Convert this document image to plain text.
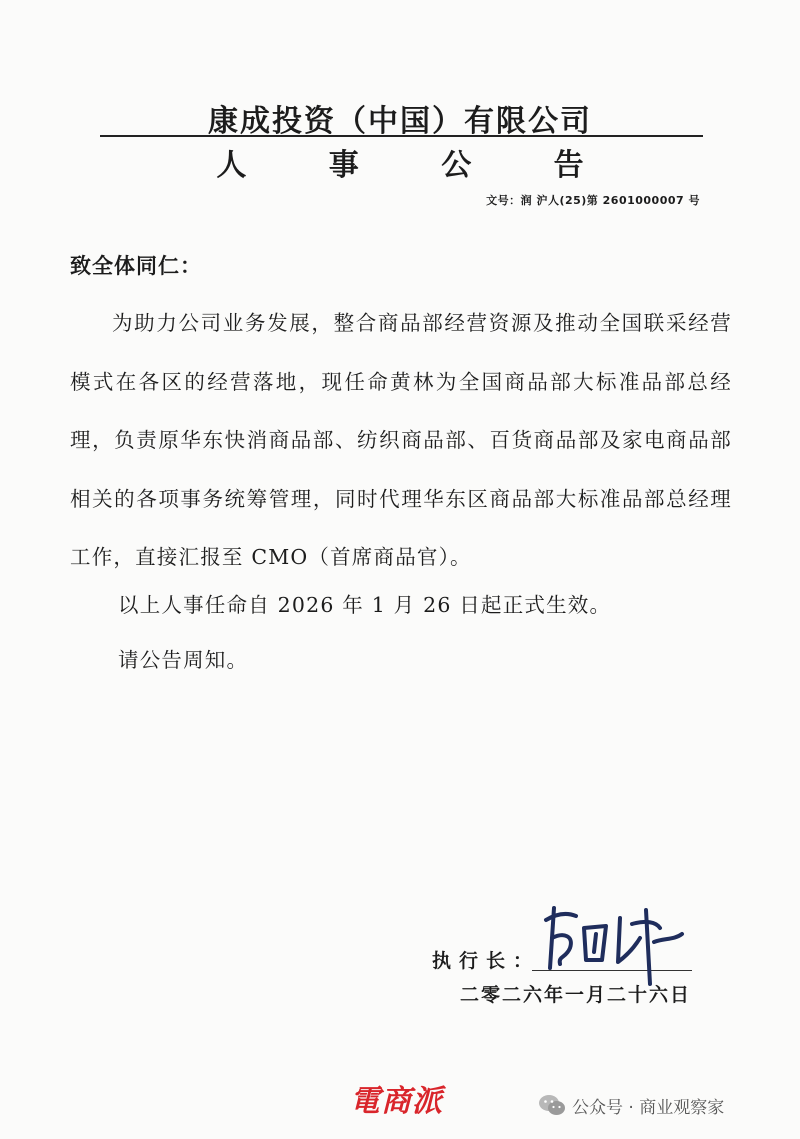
康成投资（中国）有限公司
人 事 公 告
文号：润 沪人(25)第 2601000007 号
致全体同仁：
为助力公司业务发展，整合商品部经营资源及推动全国联采经营模式在各区的经营落地，现任命黄林为全国商品部大标准品部总经理，负责原华东快消商品部、纺织商品部、百货商品部及家电商品部相关的各项事务统筹管理，同时代理华东区商品部大标准品部总经理工作，直接汇报至 CMO（首席商品官）。
以上人事任命自 2026 年 1 月 26 日起正式生效。
请公告周知。
执行长：
二零二六年一月二十六日
電商派	公众号 · 商业观察家
